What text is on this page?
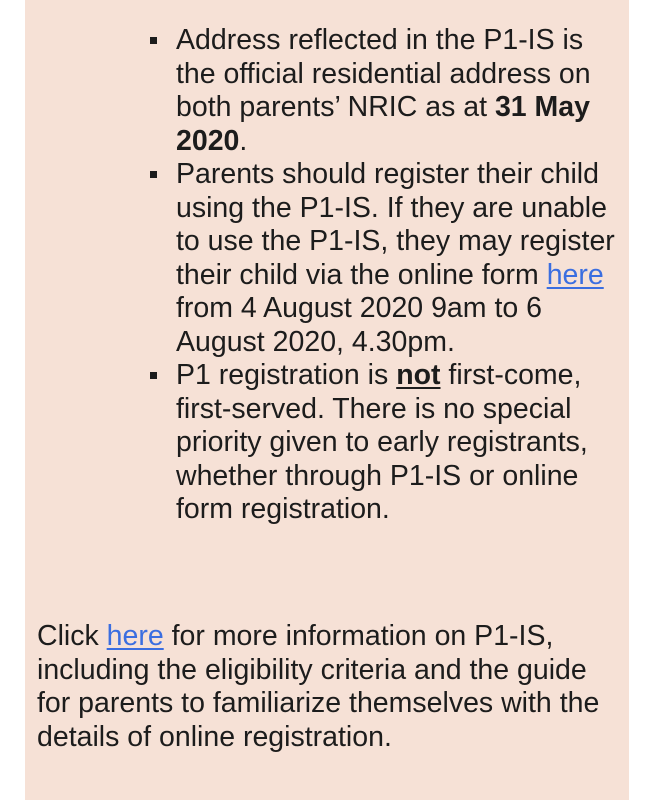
Address reflected in the P1-IS is the official residential address on both parents’ NRIC as at 31 May 2020.
Parents should register their child using the P1-IS. If they are unable to use the P1-IS, they may register their child via the online form here from 4 August 2020 9am to 6 August 2020, 4.30pm.
P1 registration is not first-come, first-served. There is no special priority given to early registrants, whether through P1-IS or online form registration.

Click here for more information on P1-IS, including the eligibility criteria and the guide for parents to familiarize themselves with the details of online registration.
